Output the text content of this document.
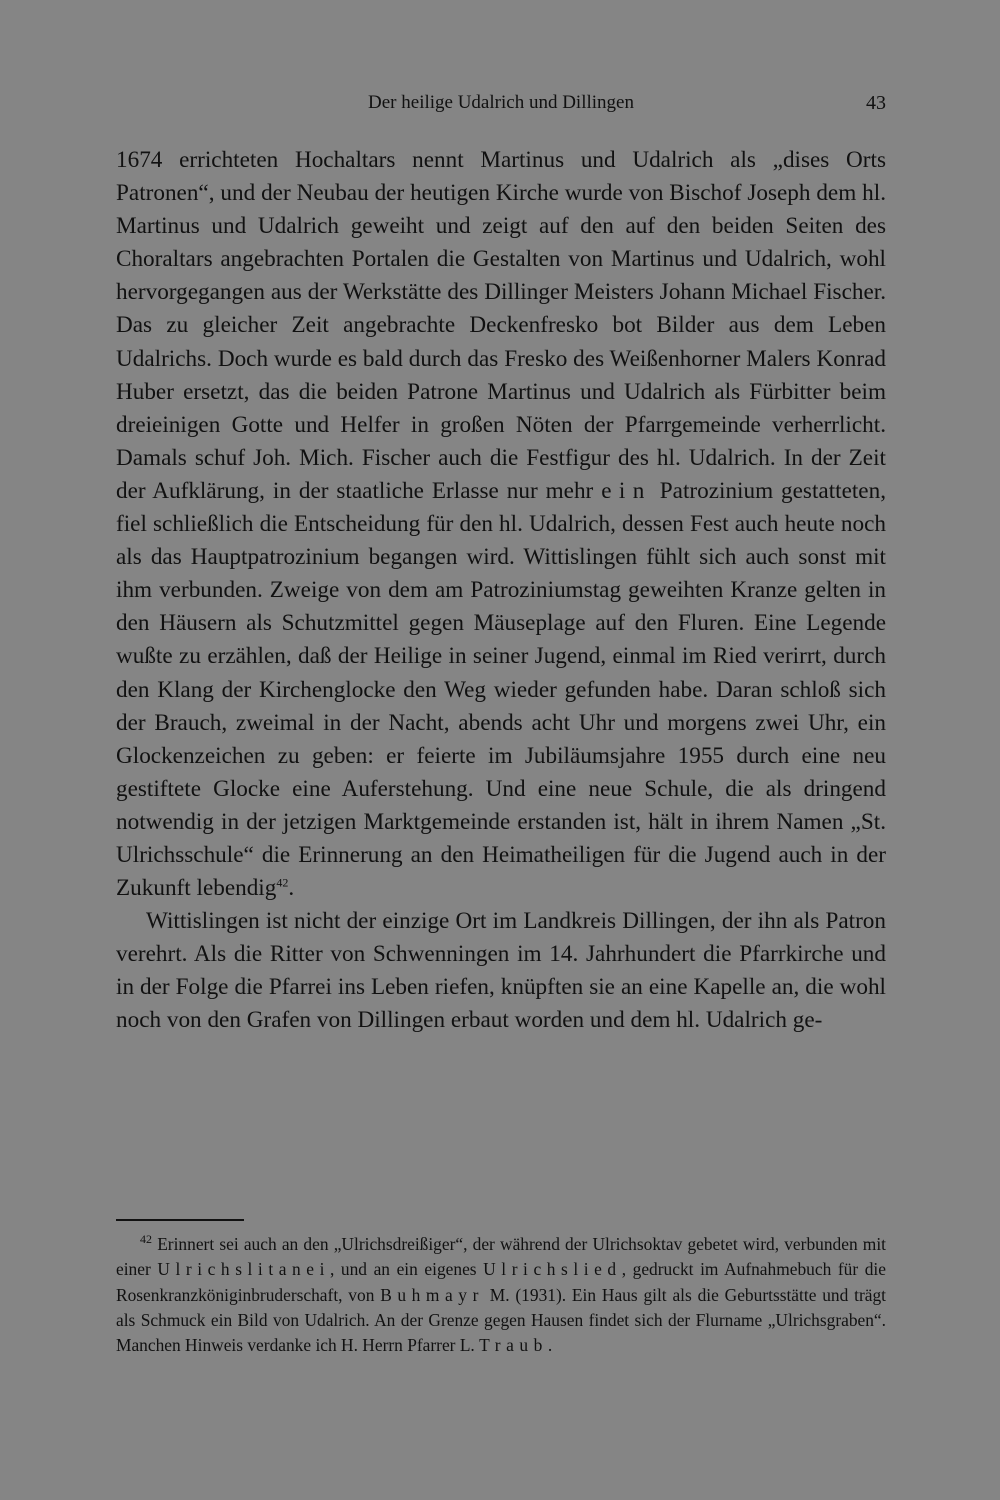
Der heilige Udalrich und Dillingen	43

1674 errichteten Hochaltars nennt Martinus und Udalrich als „dises Orts Patronen“, und der Neubau der heutigen Kirche wurde von Bischof Joseph dem hl. Martinus und Udalrich geweiht und zeigt auf den auf den beiden Seiten des Choraltars angebrachten Portalen die Gestalten von Martinus und Udalrich, wohl hervorgegangen aus der Werkstätte des Dillinger Meisters Johann Michael Fischer. Das zu gleicher Zeit angebrachte Deckenfresko bot Bilder aus dem Leben Udalrichs. Doch wurde es bald durch das Fresko des Weißenhorner Malers Konrad Huber ersetzt, das die beiden Patrone Martinus und Udalrich als Fürbitter beim dreieinigen Gotte und Helfer in großen Nöten der Pfarrgemeinde verherrlicht. Damals schuf Joh. Mich. Fischer auch die Festfigur des hl. Udalrich. In der Zeit der Aufklärung, in der staatliche Erlasse nur mehr ein Patrozinium gestatteten, fiel schließlich die Entscheidung für den hl. Udalrich, dessen Fest auch heute noch als das Hauptpatrozinium begangen wird. Wittislingen fühlt sich auch sonst mit ihm verbunden. Zweige von dem am Patroziniumstag geweihten Kranze gelten in den Häusern als Schutzmittel gegen Mäuseplage auf den Fluren. Eine Legende wußte zu erzählen, daß der Heilige in seiner Jugend, einmal im Ried verirrt, durch den Klang der Kirchenglocke den Weg wieder gefunden habe. Daran schloß sich der Brauch, zweimal in der Nacht, abends acht Uhr und morgens zwei Uhr, ein Glockenzeichen zu geben: er feierte im Jubiläumsjahre 1955 durch eine neu gestiftete Glocke eine Auferstehung. Und eine neue Schule, die als dringend notwendig in der jetzigen Marktgemeinde erstanden ist, hält in ihrem Namen „St. Ulrichsschule“ die Erinnerung an den Heimatheiligen für die Jugend auch in der Zukunft lebendig$^{42}$.

Wittislingen ist nicht der einzige Ort im Landkreis Dillingen, der ihn als Patron verehrt. Als die Ritter von Schwenningen im 14. Jahrhundert die Pfarrkirche und in der Folge die Pfarrei ins Leben riefen, knüpften sie an eine Kapelle an, die wohl noch von den Grafen von Dillingen erbaut worden und dem hl. Udalrich ge-

$^{42}$ Erinnert sei auch an den „Ulrichsdreißiger“, der während der Ulrichsoktav gebetet wird, verbunden mit einer Ulrichslitanei, und an ein eigenes Ulrichslied, gedruckt im Aufnahmebuch für die Rosenkranzköniginbruderschaft, von Buhmayr M. (1931). Ein Haus gilt als die Geburtsstätte und trägt als Schmuck ein Bild von Udalrich. An der Grenze gegen Hausen findet sich der Flurname „Ulrichsgraben“. Manchen Hinweis verdanke ich H. Herrn Pfarrer L. Traub.
